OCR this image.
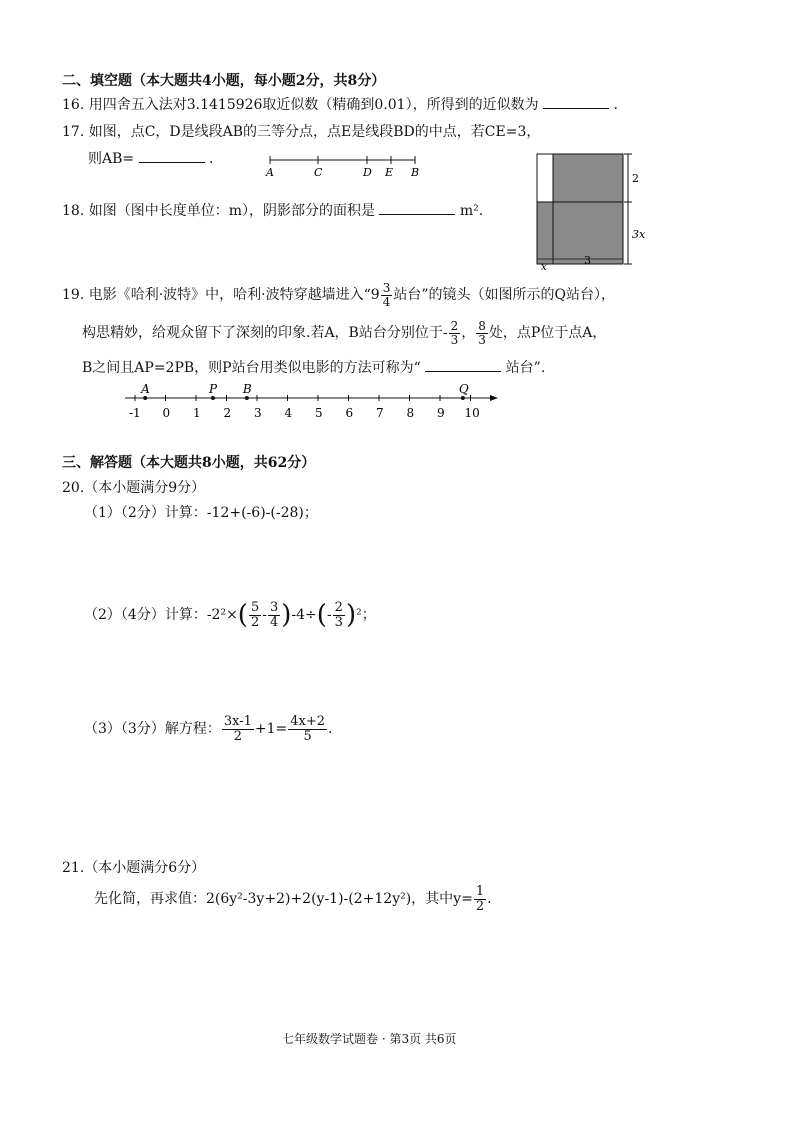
二、填空题（本大题共4小题，每小题2分，共8分）
16. 用四舍五入法对3.1415926取近似数（精确到0.01），所得到的近似数为	.
17. 如图，点C，D是线段AB的三等分点，点E是线段BD的中点，若CE=3，
则AB=	.
A	C	D E B
18. 如图（图中长度单位：m），阴影部分的面积是	m².
2
3x
x
3
19. 电影《哈利·波特》中，哈利·波特穿越墙进入“$9 \frac{3}{4}$ 站台”的镜头（如图所示的Q站台），
构思精妙，给观众留下了深刻的印象.若A，B站台分别位于- $\frac{2}{3}$ ， $\frac{8}{3}$ 处，点P位于点A，
B之间且AP=2PB，则P站台用类似电影的方法可称为“	站台”.
-1 0 1 2 3 4 5 6 7 8 9 10
A	P B	Q
三、解答题（本大题共8小题，共62分）
20.（本小题满分9分）
（1）（2分）计算：-12+(-6)-(-28)；
（2）（4分）计算：$-2^2\times( \frac{5}{2} - \frac{3}{4} )-4\div(- \frac{2}{3} )^2$；
（3）（3分）解方程： $\frac{3x-1}{2} +1= \frac{4x+2}{5}$ .
21.（本小题满分6分）
先化简，再求值：2(6y²-3y+2)+2(y-1)-(2+12y²)，其中$y= \frac{1}{2}$ .
七年级数学试题卷 · 第3页 共6页
